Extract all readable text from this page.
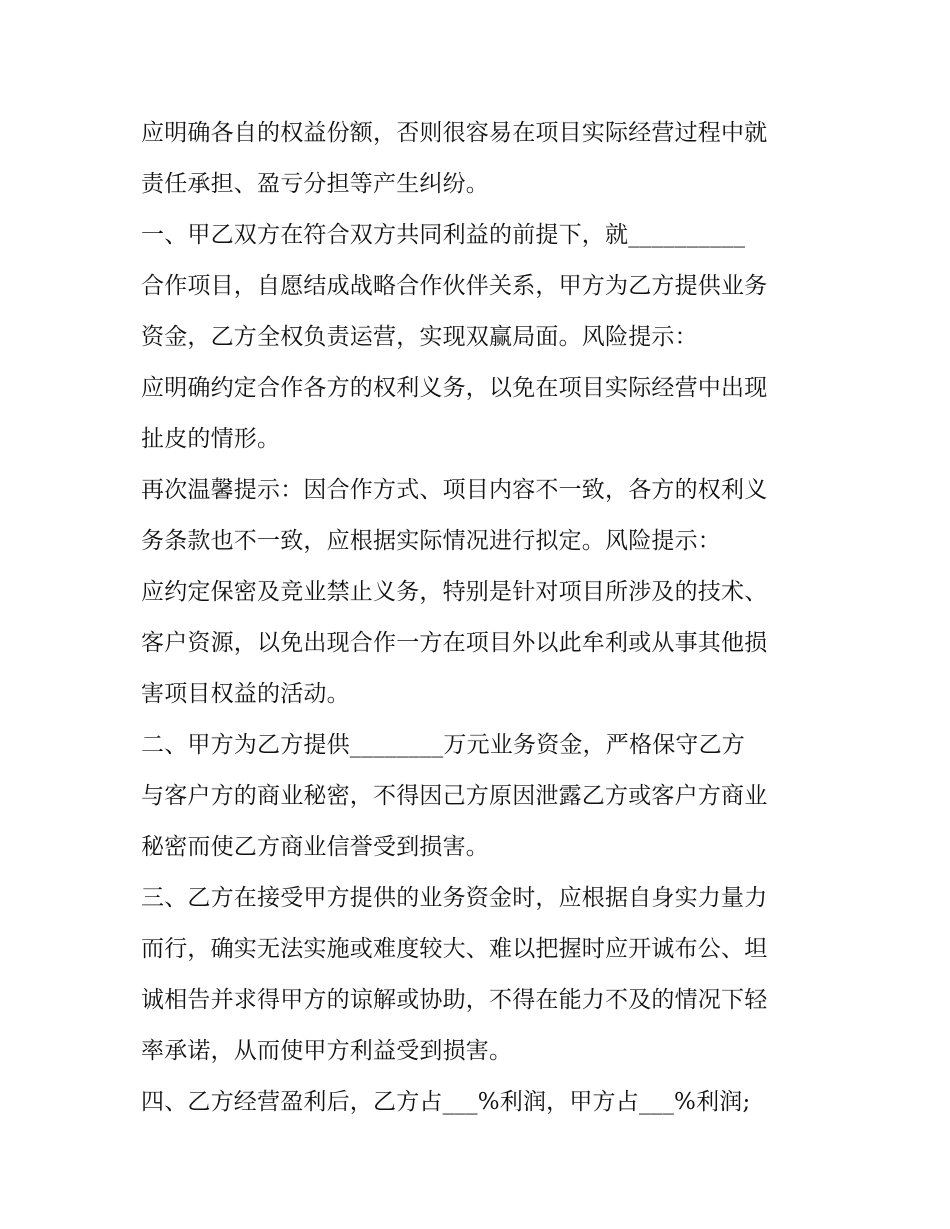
应明确各自的权益份额，否则很容易在项目实际经营过程中就
责任承担、盈亏分担等产生纠纷。
一、甲乙双方在符合双方共同利益的前提下，就__________
合作项目，自愿结成战略合作伙伴关系，甲方为乙方提供业务
资金，乙方全权负责运营，实现双赢局面。风险提示：
应明确约定合作各方的权利义务，以免在项目实际经营中出现
扯皮的情形。
再次温馨提示：因合作方式、项目内容不一致，各方的权利义
务条款也不一致，应根据实际情况进行拟定。风险提示：
应约定保密及竞业禁止义务，特别是针对项目所涉及的技术、
客户资源，以免出现合作一方在项目外以此牟利或从事其他损
害项目权益的活动。
二、甲方为乙方提供________万元业务资金，严格保守乙方
与客户方的商业秘密，不得因己方原因泄露乙方或客户方商业
秘密而使乙方商业信誉受到损害。
三、乙方在接受甲方提供的业务资金时，应根据自身实力量力
而行，确实无法实施或难度较大、难以把握时应开诚布公、坦
诚相告并求得甲方的谅解或协助，不得在能力不及的情况下轻
率承诺，从而使甲方利益受到损害。
四、乙方经营盈利后，乙方占___%利润，甲方占___%利润;
